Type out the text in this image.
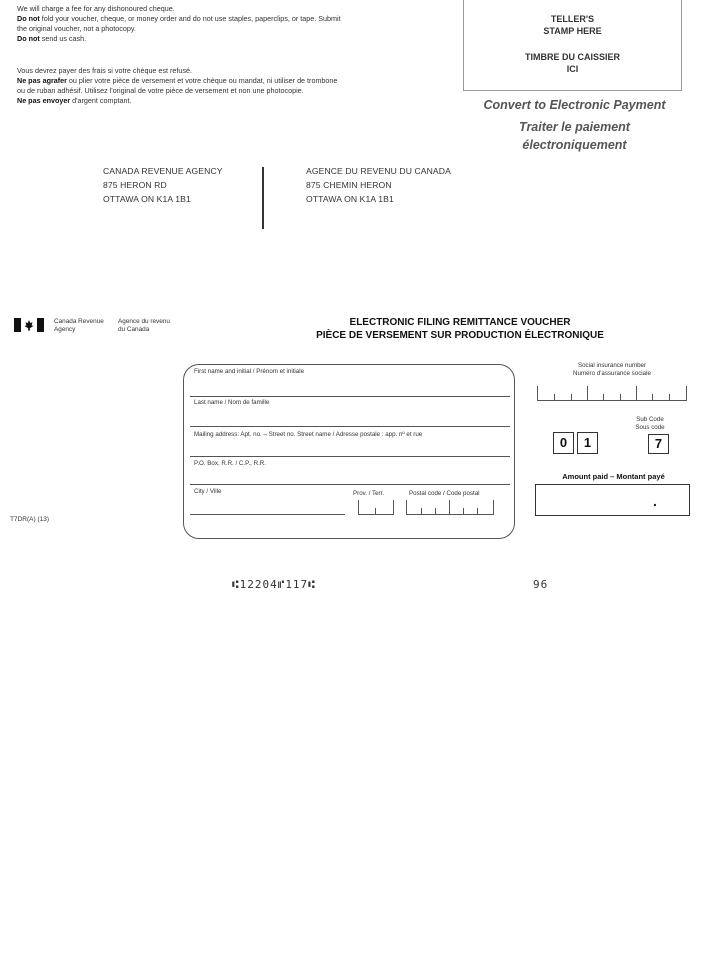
We will charge a fee for any dishonoured cheque.
Do not fold your voucher, cheque, or money order and do not use staples, paperclips, or tape. Submit
the original voucher, not a photocopy.
Do not send us cash.
Vous devrez payer des frais si votre chèque est refusé.
Ne pas agrafer ou plier votre pièce de versement et votre chèque ou mandat, ni utiliser de trombone
ou de ruban adhésif. Utilisez l'original de votre pièce de versement et non une photocopie.
Ne pas envoyer d'argent comptant.
TELLER'S
STAMP HERE
TIMBRE DU CAISSIER
ICI
Convert to Electronic Payment
Traiter le paiement
électroniquement
CANADA REVENUE AGENCY
875 HERON RD
OTTAWA ON K1A 1B1
AGENCE DU REVENU DU CANADA
875 CHEMIN HERON
OTTAWA ON K1A 1B1
Canada Revenue
Agency
Agence du revenu
du Canada
ELECTRONIC FILING REMITTANCE VOUCHER
PIÈCE DE VERSEMENT SUR PRODUCTION ÉLECTRONIQUE
First name and initial / Prénom et initiale
Last name / Nom de famille
Mailing address: Apt. no. – Street no. Street name / Adresse postale : app. nº et rue
P.O. Box, R.R. / C.P., R.R.
City / Ville	Prov. / Terr.	Postal code / Code postal
Social insurance number
Numéro d'assurance sociale
0	1
Sub Code
Sous code
7
Amount paid – Montant payé
.
T7DR(A) (13)
⑆12204⑈117⑆	96
